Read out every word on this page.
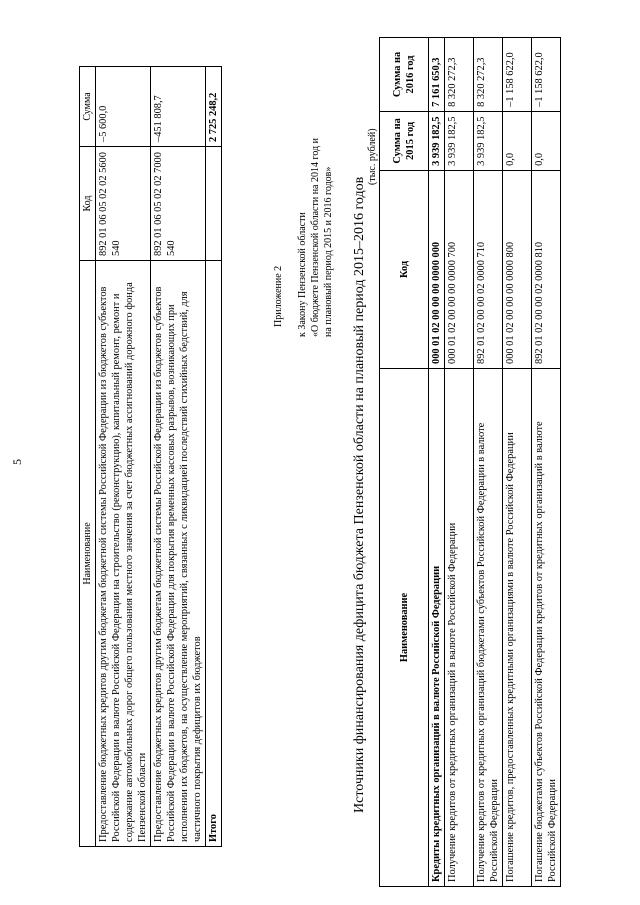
5
Наименование	Код	Сумма
Предоставление бюджетных кредитов другим бюджетам бюджетной системы Российской Федерации из бюджетов субъектов Российской Федерации в валюте Российской Федерации на строительство (реконструкцию), капитальный ремонт, ремонт и содержание автомобильных дорог общего пользования местного значения за счет бюджетных ассигнований дорожного фонда Пензенской области	892 01 06 05 02 02 5600 540	–5 600,0
Предоставление бюджетных кредитов другим бюджетам бюджетной системы Российской Федерации из бюджетов субъектов Российской Федерации в валюте Российской Федерации для покрытия временных кассовых разрывов, возникающих при исполнении их бюджетов, на осуществление мероприятий, связанных с ликвидацией последствий стихийных бедствий, для частичного покрытия дефицитов их бюджетов	892 01 06 05 02 02 7000 540	–451 808,7
Итого		2 725 248,2
Приложение 2 к Закону Пензенской области «О бюджете Пензенской области на 2014 год и на плановый период 2015 и 2016 годов» Источники финансирования дефицита бюджета Пензенской области на плановый период 2015–2016 годов
(тыс. рублей)
Наименование	Код	Сумма на 2015 год	Сумма на 2016 год
Кредиты кредитных организаций в валюте Российской Федерации	000 01 02 00 00 00 0000 000	3 939 182,5	7 161 650,3
Получение кредитов от кредитных организаций в валюте Российской Федерации	000 01 02 00 00 00 0000 700	3 939 182,5	8 320 272,3
Получение кредитов от кредитных организаций бюджетами субъектов Российской Федерации в валюте Российской Федерации	892 01 02 00 00 02 0000 710	3 939 182,5	8 320 272,3
Погашение кредитов, предоставленных кредитными организациями в валюте Российской Федерации	000 01 02 00 00 00 0000 800	0,0	–1 158 622,0
Погашение бюджетами субъектов Российской Федерации кредитов от кредитных организаций в валюте Российской Федерации	892 01 02 00 00 02 0000 810	0,0	–1 158 622,0
